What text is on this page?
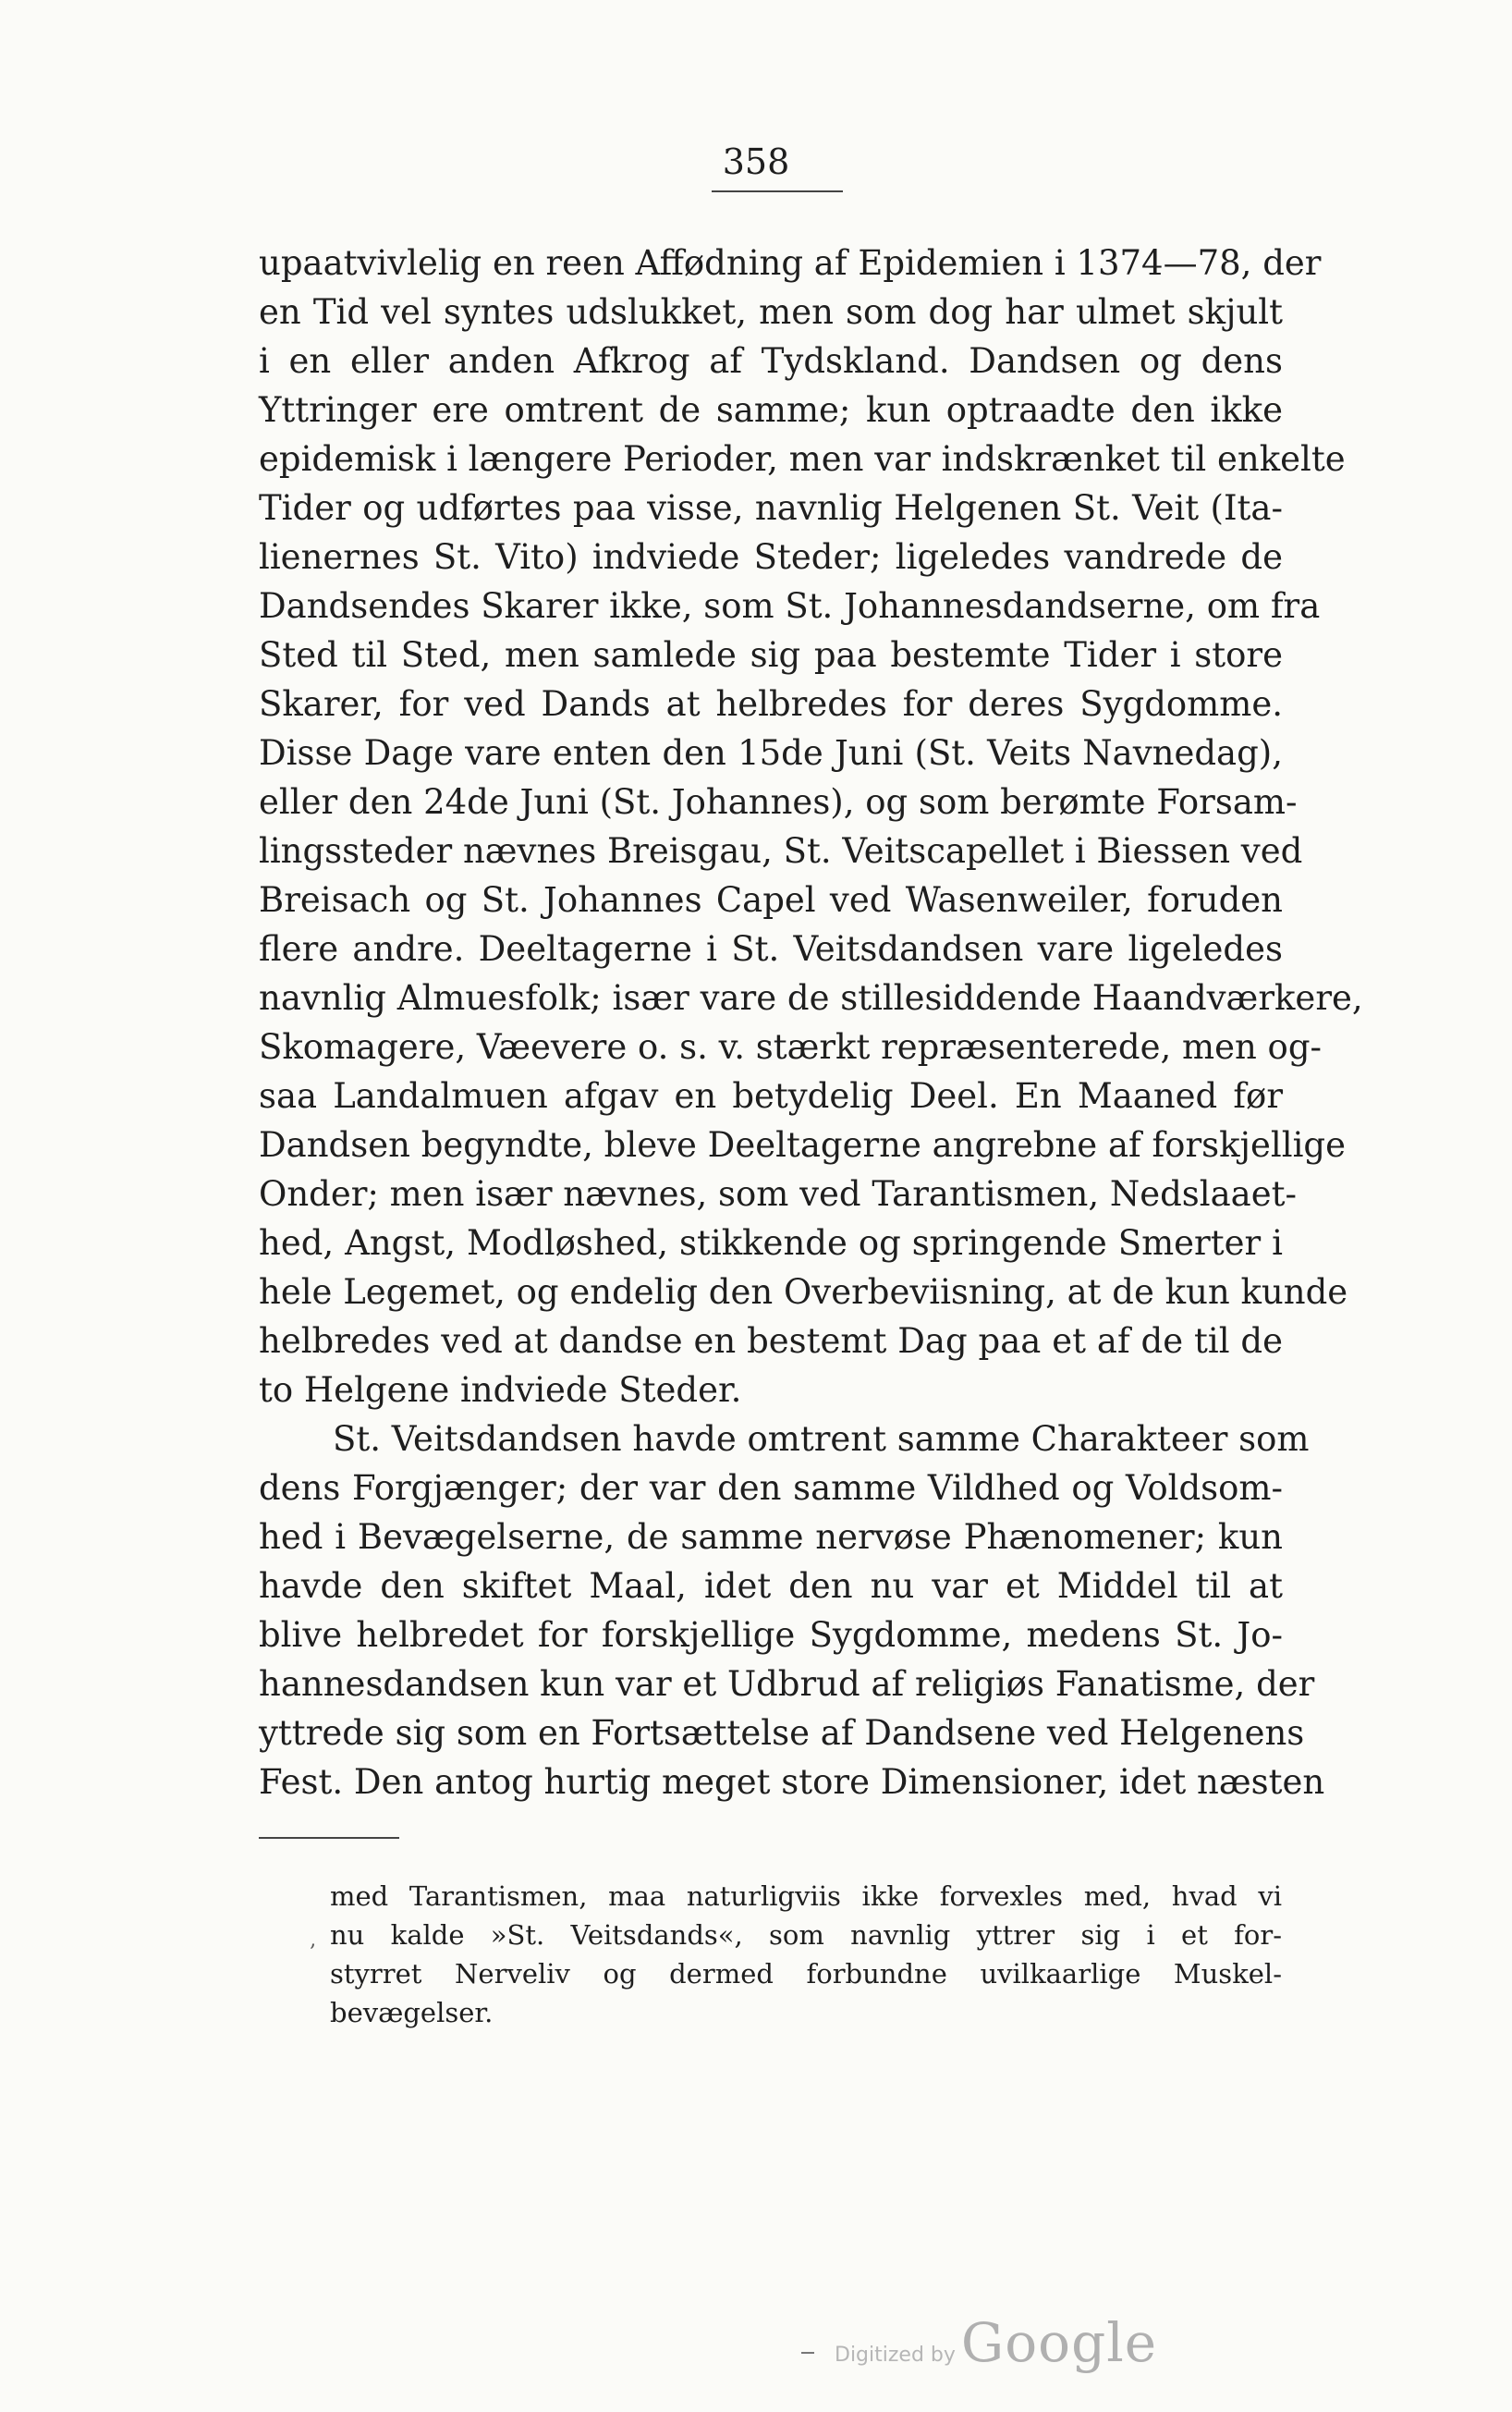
358
upaatvivlelig en reen Affødning af Epidemien i 1374—78, der
en Tid vel syntes udslukket, men som dog har ulmet skjult
i en eller anden Afkrog af Tydskland. Dandsen og dens
Yttringer ere omtrent de samme; kun optraadte den ikke
epidemisk i længere Perioder, men var indskrænket til enkelte
Tider og udførtes paa visse, navnlig Helgenen St. Veit (Ita-
lienernes St. Vito) indviede Steder; ligeledes vandrede de
Dandsendes Skarer ikke, som St. Johannesdandserne, om fra
Sted til Sted, men samlede sig paa bestemte Tider i store
Skarer, for ved Dands at helbredes for deres Sygdomme.
Disse Dage vare enten den 15de Juni (St. Veits Navnedag),
eller den 24de Juni (St. Johannes), og som berømte Forsam-
lingssteder nævnes Breisgau, St. Veitscapellet i Biessen ved
Breisach og St. Johannes Capel ved Wasenweiler, foruden
flere andre. Deeltagerne i St. Veitsdandsen vare ligeledes
navnlig Almuesfolk; især vare de stillesiddende Haandværkere,
Skomagere, Væevere o. s. v. stærkt repræsenterede, men og-
saa Landalmuen afgav en betydelig Deel. En Maaned før
Dandsen begyndte, bleve Deeltagerne angrebne af forskjellige
Onder; men især nævnes, som ved Tarantismen, Nedslaaet-
hed, Angst, Modløshed, stikkende og springende Smerter i
hele Legemet, og endelig den Overbeviisning, at de kun kunde
helbredes ved at dandse en bestemt Dag paa et af de til de
to Helgene indviede Steder.
St. Veitsdandsen havde omtrent samme Charakteer som
dens Forgjænger; der var den samme Vildhed og Voldsom-
hed i Bevægelserne, de samme nervøse Phænomener; kun
havde den skiftet Maal, idet den nu var et Middel til at
blive helbredet for forskjellige Sygdomme, medens St. Jo-
hannesdandsen kun var et Udbrud af religiøs Fanatisme, der
yttrede sig som en Fortsættelse af Dandsene ved Helgenens
Fest. Den antog hurtig meget store Dimensioner, idet næsten
‚
med Tarantismen, maa naturligviis ikke forvexles med, hvad vi
nu kalde »St. Veitsdands«, som navnlig yttrer sig i et for-
styrret Nerveliv og dermed forbundne uvilkaarlige Muskel-
bevægelser.
Digitized by Google
